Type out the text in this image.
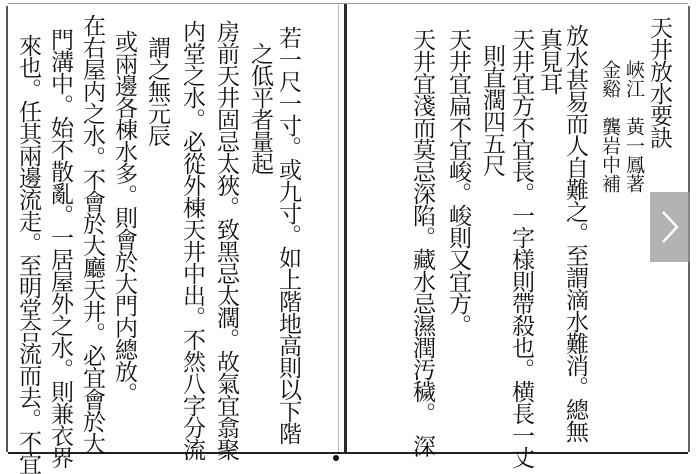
天井放水要訣
峽江　黃一鳳著
金谿　龔岩中補
放水甚易而人自難之。至謂滴水難消。總無
真見耳
天井宜方不宜長。一字様則帶殺也。横長一丈
則直濶四五尺
天井宜扁不宜峻。峻則又宜方。
天井宜淺而莫忌深陷。藏水忌濕潤汚穢。　深
若一尺一寸。或九寸。如上階地高則以下階
之低平者量起
房前天井固忌太狹。致黑忌太濶。故氣宜翕聚
内堂之水。必從外棟天井中出。不然八字分流
謂之無元辰
或兩邊各棟水多。則會於大門内總放。
在右屋内之水。不會於大廳天井。必宜會於大
門溝中。始不散亂。一居屋外之水。則兼衣界
來也。任其兩邊流走。至明堂合流而去。不宜
